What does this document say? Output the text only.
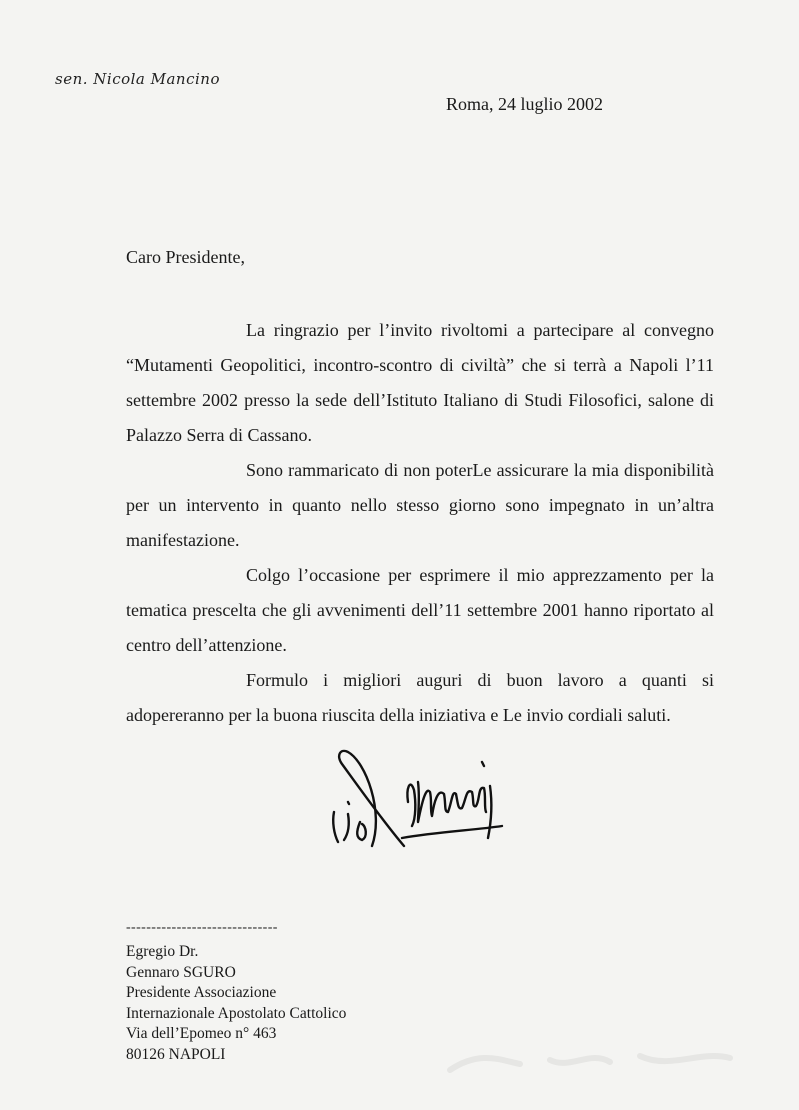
sen. Nicola Mancino
Roma, 24 luglio 2002
Caro Presidente,

La ringrazio per l’invito rivoltomi a partecipare al convegno “Mutamenti Geopolitici, incontro-scontro di civiltà” che si terrà a Napoli l’11 settembre 2002 presso la sede dell’Istituto Italiano di Studi Filosofici, salone di Palazzo Serra di Cassano.

Sono rammaricato di non poterLe assicurare la mia disponibilità per un intervento in quanto nello stesso giorno sono impegnato in un’altra manifestazione.

Colgo l’occasione per esprimere il mio apprezzamento per la tematica prescelta che gli avvenimenti dell’11 settembre 2001 hanno riportato al centro dell’attenzione.

Formulo i migliori auguri di buon lavoro a quanti si adopereranno per la buona riuscita della iniziativa e Le invio cordiali saluti.

------------------------------
Egregio Dr.
Gennaro SGURO
Presidente Associazione
Internazionale Apostolato Cattolico
Via dell’Epomeo n° 463
80126 NAPOLI
